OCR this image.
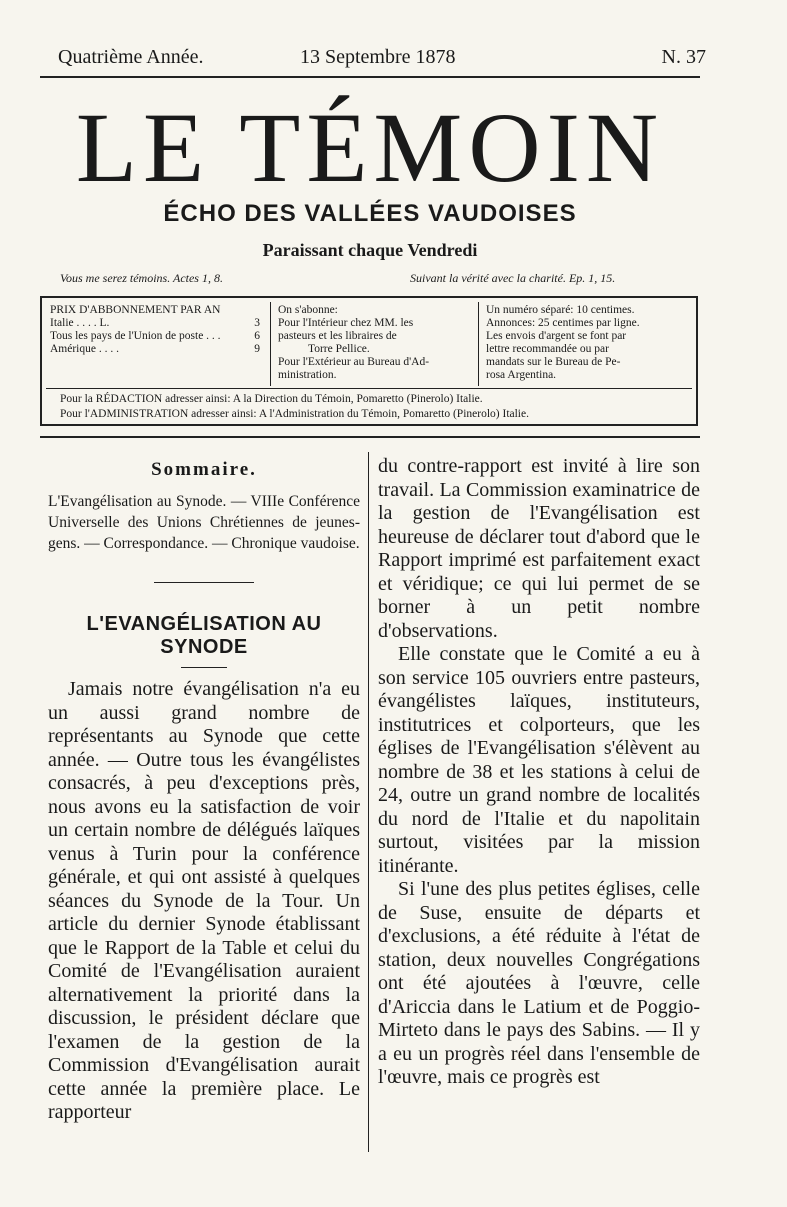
Quatrième Année.	13 Septembre 1878	N. 37
LE TÉMOIN
ÉCHO DES VALLÉES VAUDOISES
Paraissant chaque Vendredi
Vous me serez témoins. Actes 1, 8.	Suivant la vérité avec la charité. Ep. 1, 15.
PRIX D'ABBONNEMENT PAR AN
Italie . . . . L.	3
Tous les pays de l'Union de poste . . .	6
Amérique . . . .	9
On s'abonne:
Pour l'Intérieur chez MM. les
pasteurs et les libraires de
Torre Pellice.
Pour l'Extérieur au Bureau d'Ad-
ministration.
Un numéro séparé: 10 centimes.
Annonces: 25 centimes par ligne.
Les envois d'argent se font par
lettre recommandée ou par
mandats sur le Bureau de Pe-
rosa Argentina.
Pour la RÉDACTION adresser ainsi: A la Direction du Témoin, Pomaretto (Pinerolo) Italie.
Pour l'ADMINISTRATION adresser ainsi: A l'Administration du Témoin, Pomaretto (Pinerolo) Italie.
Sommaire.
L'Evangélisation au Synode. — VIIIe Conférence Universelle des Unions Chrétiennes de jeunes-gens. — Correspondance. — Chronique vaudoise.
L'EVANGÉLISATION AU SYNODE

Jamais notre évangélisation n'a eu un aussi grand nombre de représentants au Synode que cette année. — Outre tous les évangélistes consacrés, à peu d'exceptions près, nous avons eu la satisfaction de voir un certain nombre de délégués laïques venus à Turin pour la conférence générale, et qui ont assisté à quelques séances du Synode de la Tour. Un article du dernier Synode établissant que le Rapport de la Table et celui du Comité de l'Evangélisation auraient alternativement la priorité dans la discussion, le président déclare que l'examen de la gestion de la Commission d'Evangélisation aurait cette année la première place. Le rapporteur

du contre-rapport est invité à lire son travail. La Commission examinatrice de la gestion de l'Evangélisation est heureuse de déclarer tout d'abord que le Rapport imprimé est parfaitement exact et véridique; ce qui lui permet de se borner à un petit nombre d'observations.

Elle constate que le Comité a eu à son service 105 ouvriers entre pasteurs, évangélistes laïques, instituteurs, institutrices et colporteurs, que les églises de l'Evangélisation s'élèvent au nombre de 38 et les stations à celui de 24, outre un grand nombre de localités du nord de l'Italie et du napolitain surtout, visitées par la mission itinérante.

Si l'une des plus petites églises, celle de Suse, ensuite de départs et d'exclusions, a été réduite à l'état de station, deux nouvelles Congrégations ont été ajoutées à l'œuvre, celle d'Ariccia dans le Latium et de Poggio-Mirteto dans le pays des Sabins. — Il y a eu un progrès réel dans l'ensemble de l'œuvre, mais ce progrès est
